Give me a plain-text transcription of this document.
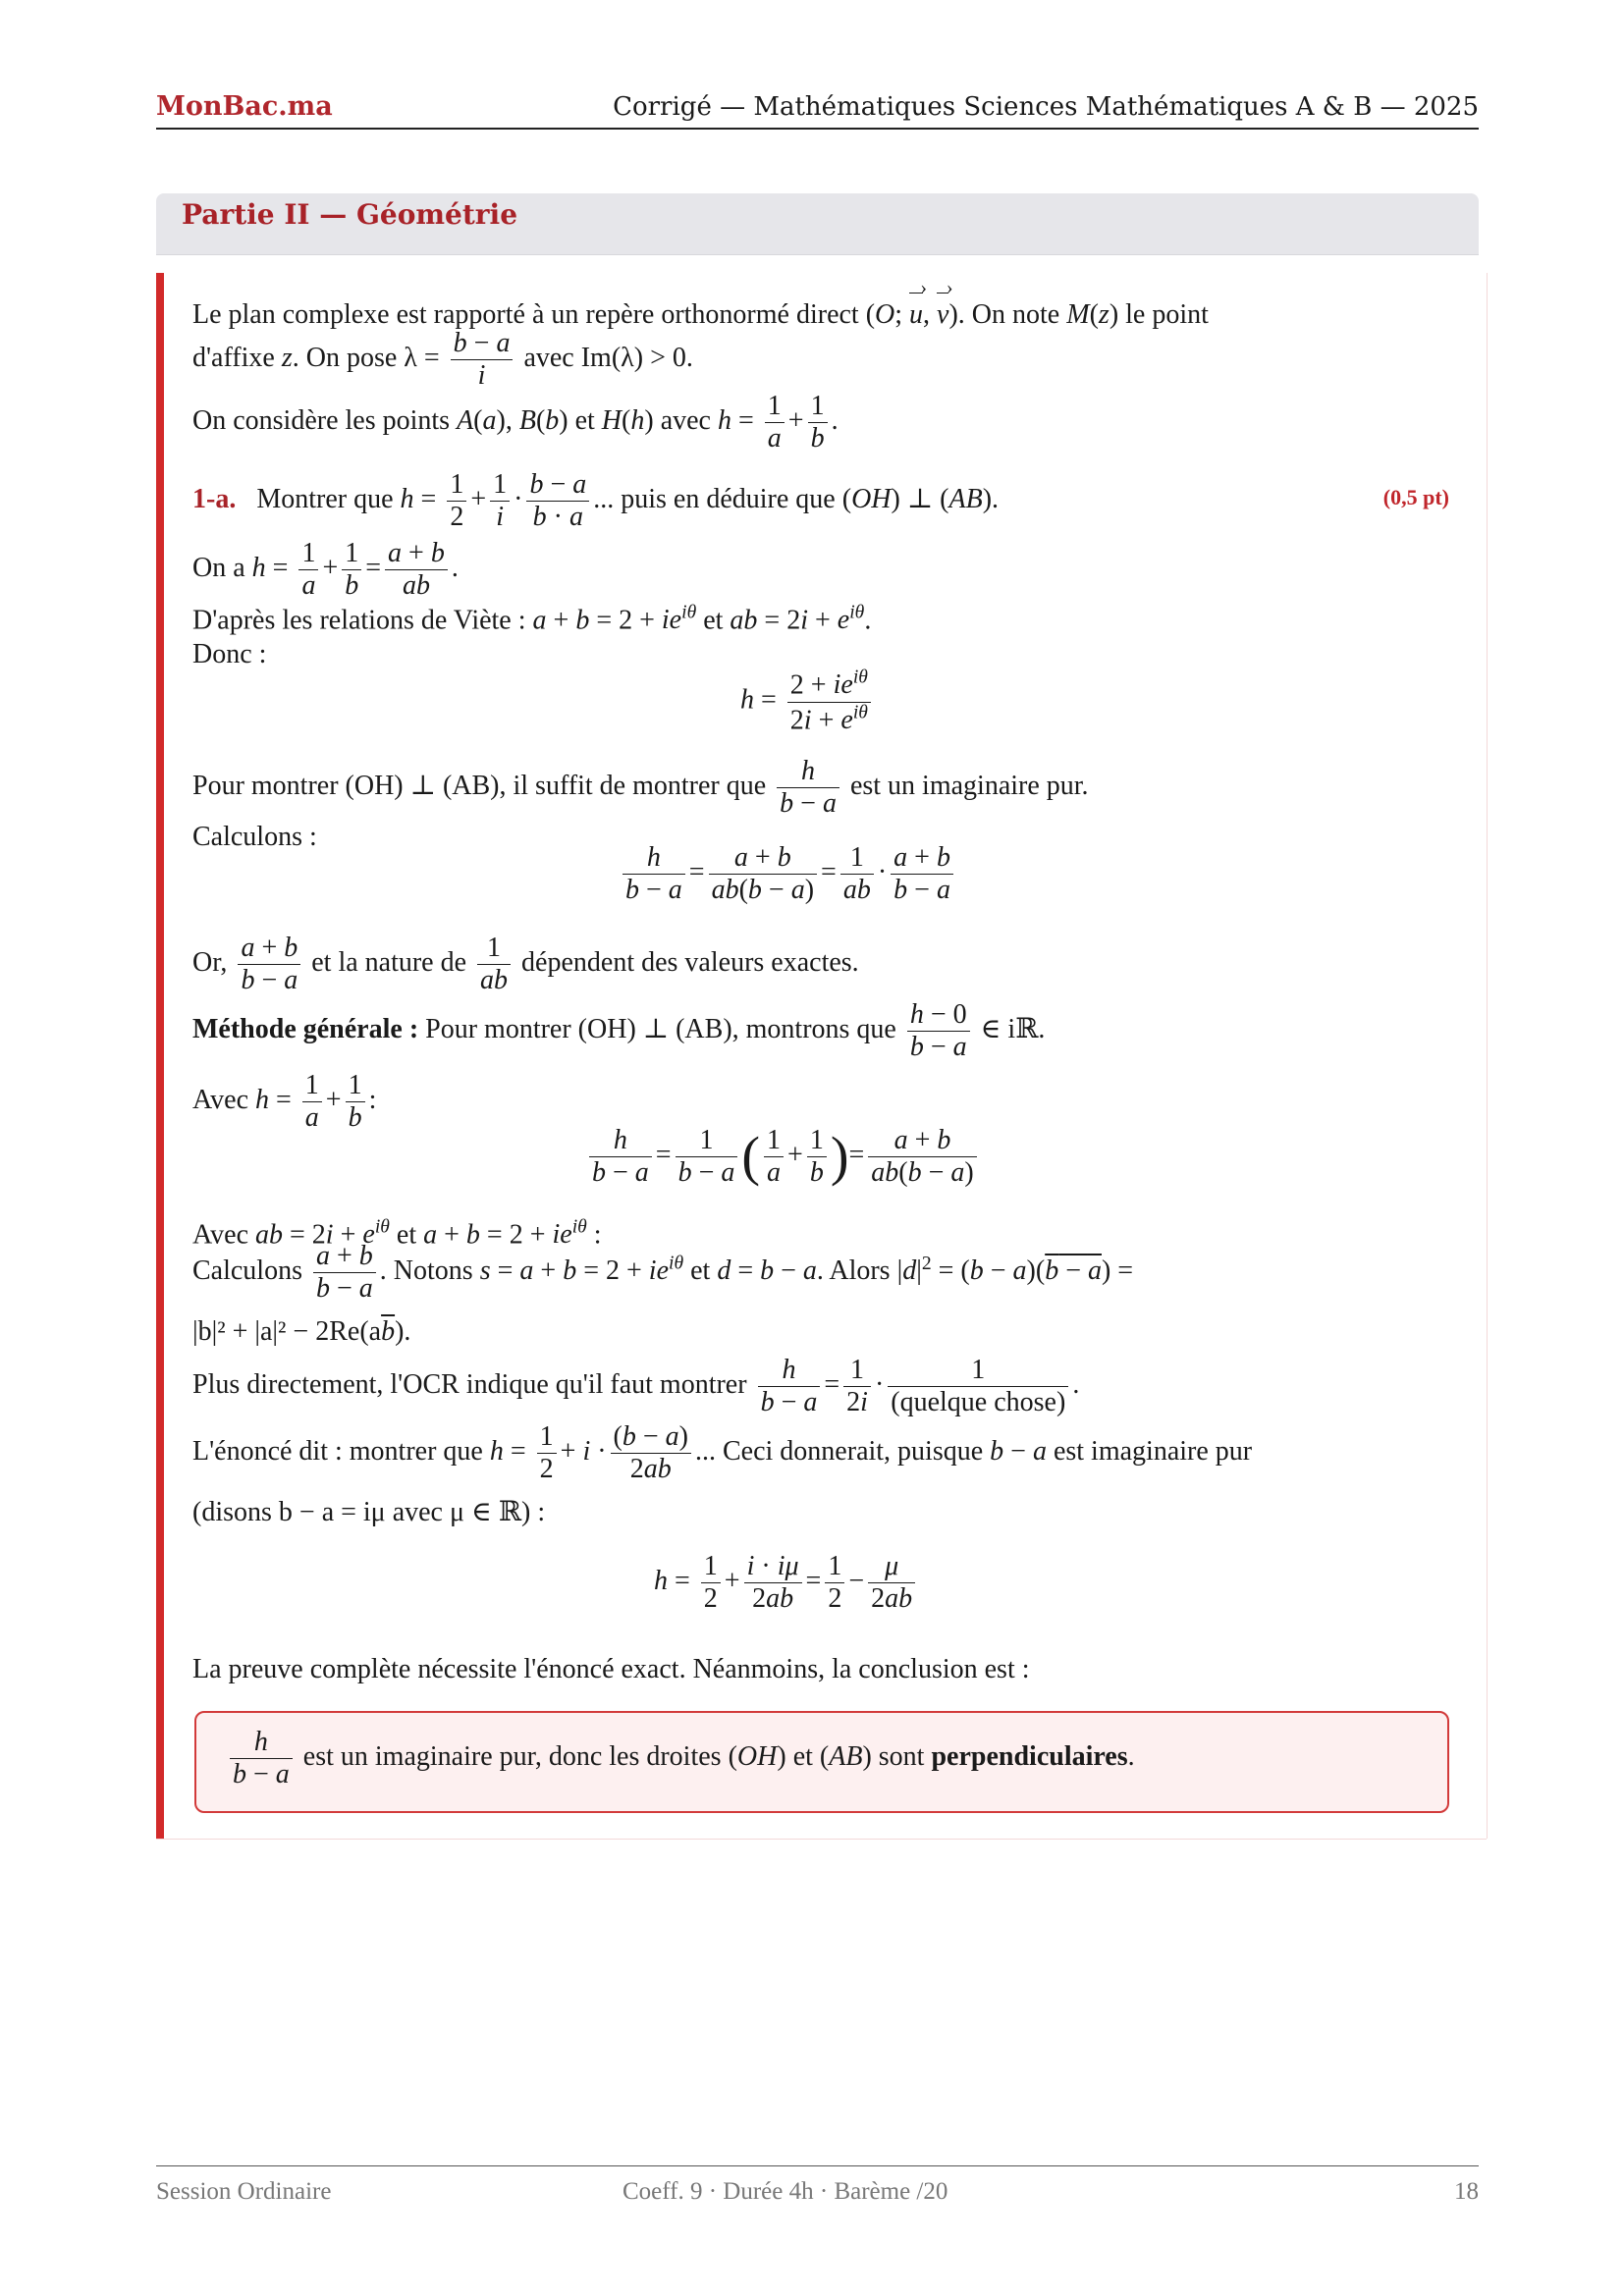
MonBac.ma	Corrigé — Mathématiques Sciences Mathématiques A & B — 2025
Partie II — Géométrie
Le plan complexe est rapporté à un repère orthonormé direct (O; u ›, v ›). On note M(z) le point
d'affixe z. On pose $\lambda = \frac{b - a}{i}$ avec Im(λ) > 0.
On considère les points A(a), B(b) et H(h) avec $h = \frac{1}{a} + \frac{1}{b}$ .
1-a. Montrer que $h = \frac{1}{2} + \frac{1}{i} \cdot \frac{b - a}{b \cdot a}$ ... puis en déduire que (OH) ⊥ (AB).	(0,5 pt)
On a $h = \frac{1}{a} + \frac{1}{b} = \frac{a + b}{ab}$ .
D'après les relations de Viète : $a + b = 2 + ie^{i\theta}$ et ab = $2i + e^{i\theta}$.
Donc :
$h = \frac{2 + ie^{i\theta}}{2i + e^{i\theta}}$
Pour montrer (OH) ⊥ (AB), il suffit de montrer que $\frac{h}{b - a}$ est un imaginaire pur.
Calculons :
$\frac{h}{b - a} = \frac{a + b}{ab(b - a)} = \frac{1}{ab} \cdot \frac{a + b}{b - a}$
Or, $\frac{a + b}{b - a}$ et la nature de $\frac{1}{ab}$ dépendent des valeurs exactes.
Méthode générale : Pour montrer (OH) ⊥ (AB), montrons que $\frac{h - 0}{b - a}$ ∈ iℝ.
Avec $h = \frac{1}{a} + \frac{1}{b}$ :
$\frac{h}{b - a} = \frac{1}{b - a}$ ( $\frac{1}{a} + \frac{1}{b}$ )= $\frac{a + b}{ab(b - a)}$
Avec ab = $2i + e^{i\theta}$ et $a + b = 2 + ie^{i\theta}$ :
Calculons $\frac{a + b}{b - a}$ . Notons $s = a + b = 2 + ie^{i\theta}$ et d = b − a. Alors $|d|^2 = (b - a)(b - a)$ =
$|b|^2 + |a|^2 - 2Re(a\overline{b})$.
Plus directement, l'OCR indique qu'il faut montrer $\frac{h}{b - a} = \frac{1}{2i} \cdot \frac{1}{\text{(quelque chose)}}$ .
L'énoncé dit : montrer que $h = \frac{1}{2} + i \cdot \frac{(b - a)}{2ab}$ ... Ceci donnerait, puisque b − a est imaginaire pur
(disons b − a = iμ avec μ ∈ ℝ) :
$h = \frac{1}{2} + \frac{i \cdot i\mu}{2ab} = \frac{1}{2} - \frac{\mu}{2ab}$
La preuve complète nécessite l'énoncé exact. Néanmoins, la conclusion est :
$\frac{h}{b - a}$ est un imaginaire pur, donc les droites (OH) et (AB) sont perpendiculaires.
Session Ordinaire	Coeff. 9 · Durée 4h · Barème /20	18
